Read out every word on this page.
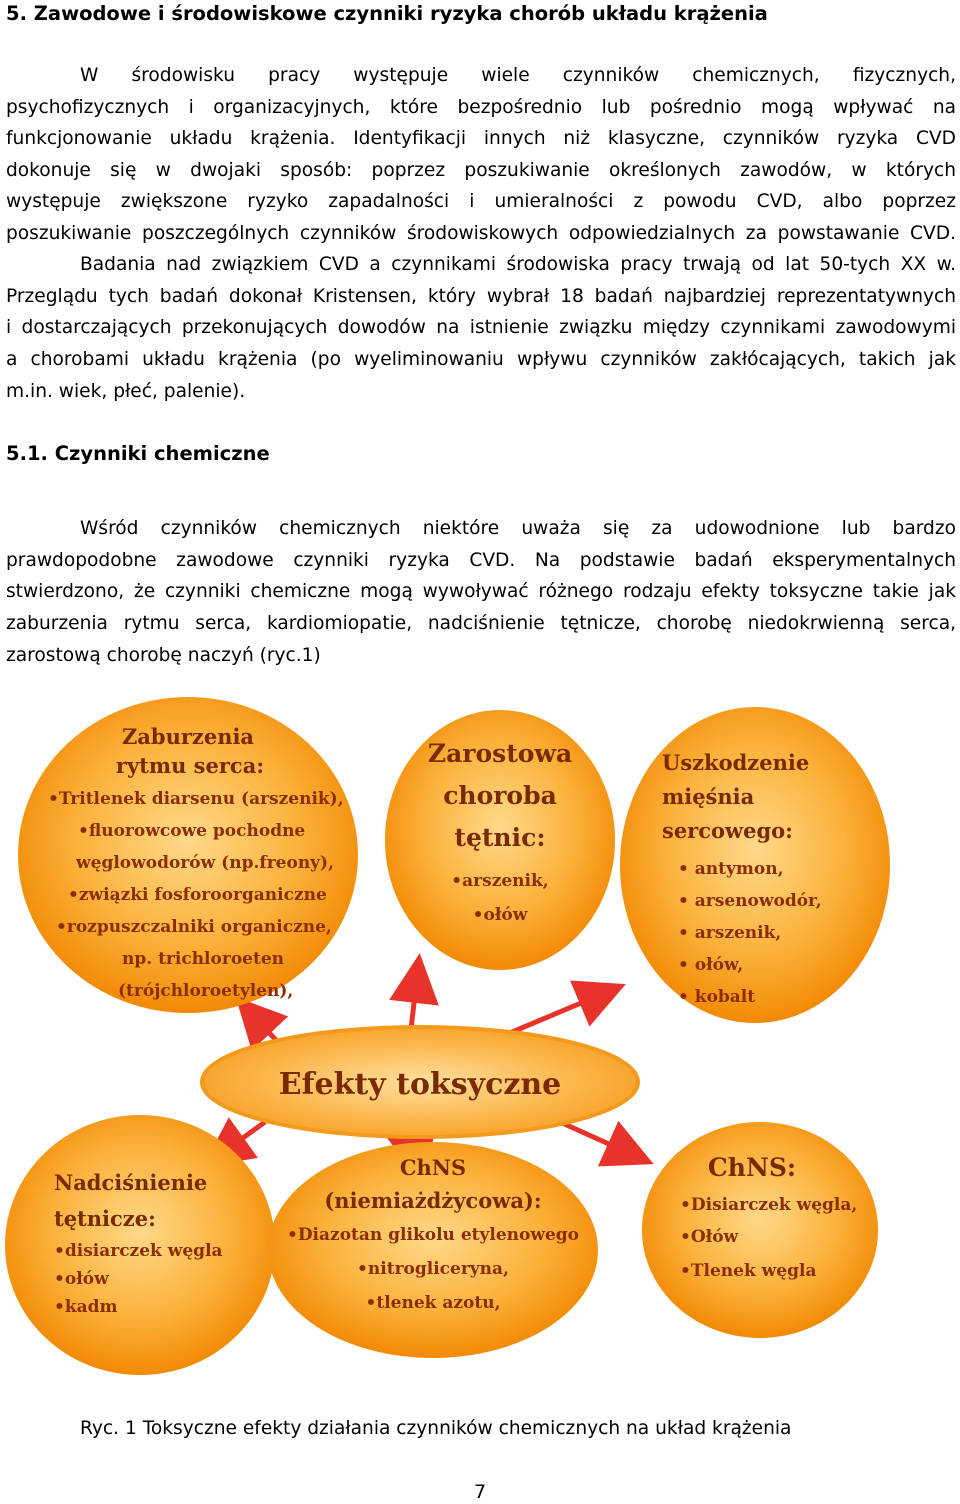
5. Zawodowe i środowiskowe czynniki ryzyka chorób układu krążenia
W środowisku pracy występuje wiele czynników chemicznych, fizycznych,
psychofizycznych i organizacyjnych, które bezpośrednio lub pośrednio mogą wpływać na
funkcjonowanie układu krążenia. Identyfikacji innych niż klasyczne, czynników ryzyka CVD
dokonuje się w dwojaki sposób: poprzez poszukiwanie określonych zawodów, w których
występuje zwiększone ryzyko zapadalności i umieralności z powodu CVD, albo poprzez
poszukiwanie poszczególnych czynników środowiskowych odpowiedzialnych za powstawanie CVD.
Badania nad związkiem CVD a czynnikami środowiska pracy trwają od lat 50-tych XX w.
Przeglądu tych badań dokonał Kristensen, który wybrał 18 badań najbardziej reprezentatywnych
i dostarczających przekonujących dowodów na istnienie związku między czynnikami zawodowymi
a chorobami układu krążenia (po wyeliminowaniu wpływu czynników zakłócających, takich jak
m.in. wiek, płeć, palenie).
5.1. Czynniki chemiczne
Wśród czynników chemicznych niektóre uważa się za udowodnione lub bardzo
prawdopodobne zawodowe czynniki ryzyka CVD. Na podstawie badań eksperymentalnych
stwierdzono, że czynniki chemiczne mogą wywoływać różnego rodzaju efekty toksyczne takie jak
zaburzenia rytmu serca, kardiomiopatie, nadciśnienie tętnicze, chorobę niedokrwienną serca,
zarostową chorobę naczyń (ryc.1)
Zaburzenia
rytmu serca:
•Tritlenek diarsenu (arszenik),
•fluorowcowe pochodne
węglowodorów (np.freony),
•związki fosforoorganiczne
•rozpuszczalniki organiczne,
np. trichloroeten
(trójchloroetylen),
Zarostowa
choroba
tętnic:
•arszenik,
•ołów
Uszkodzenie
mięśnia
sercowego:
• antymon,
• arsenowodór,
• arszenik,
• ołów,
• kobalt
Efekty toksyczne
Nadciśnienie
tętnicze:
•disiarczek węgla
•ołów
•kadm
ChNS
(niemiażdżycowa):
•Diazotan glikolu etylenowego
•nitrogliceryna,
•tlenek azotu,
ChNS:
•Disiarczek węgla,
•Ołów
•Tlenek węgla
Ryc. 1 Toksyczne efekty działania czynników chemicznych na układ krążenia
7
